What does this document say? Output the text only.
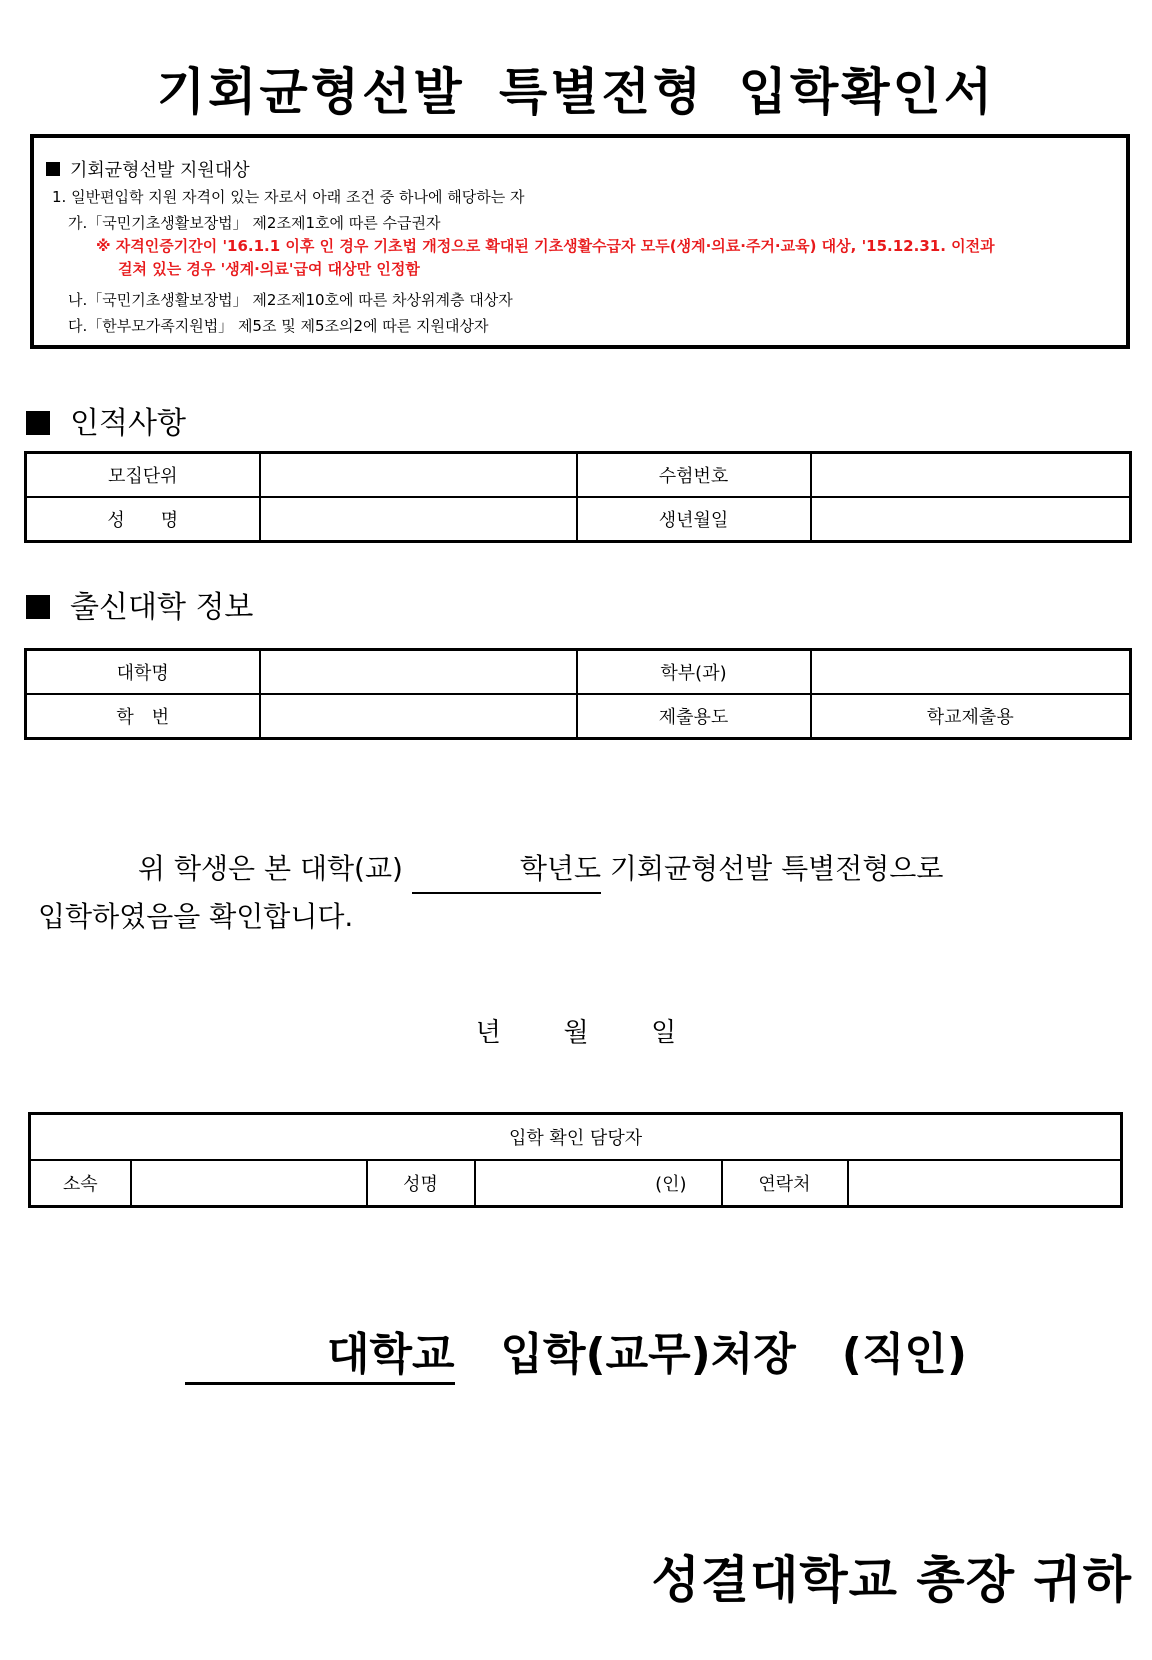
기회균형선발 특별전형 입학확인서
기회균형선발 지원대상
1. 일반편입학 지원 자격이 있는 자로서 아래 조건 중 하나에 해당하는 자
가.「국민기초생활보장법」 제2조제1호에 따른 수급권자
※ 자격인증기간이 '16.1.1 이후 인 경우 기초법 개정으로 확대된 기초생활수급자 모두(생계·의료·주거·교육) 대상, '15.12.31. 이전과
걸쳐 있는 경우 '생계·의료'급여 대상만 인정함
나.「국민기초생활보장법」 제2조제10호에 따른 차상위계층 대상자
다.「한부모가족지원법」 제5조 및 제5조의2에 따른 지원대상자
인적사항
모집단위		수험번호	
성　　명		생년월일	
출신대학 정보
대학명		학부(과)	
학　번		제출용도	학교제출용
위 학생은 본 대학(교)	학년도 기회균형선발 특별전형으로
입학하였음을 확인합니다.
년 월 일
입학 확인 담당자
소속		성명	(인)	연락처	
대학교 입학(교무)처장 (직인)
성결대학교 총장 귀하
